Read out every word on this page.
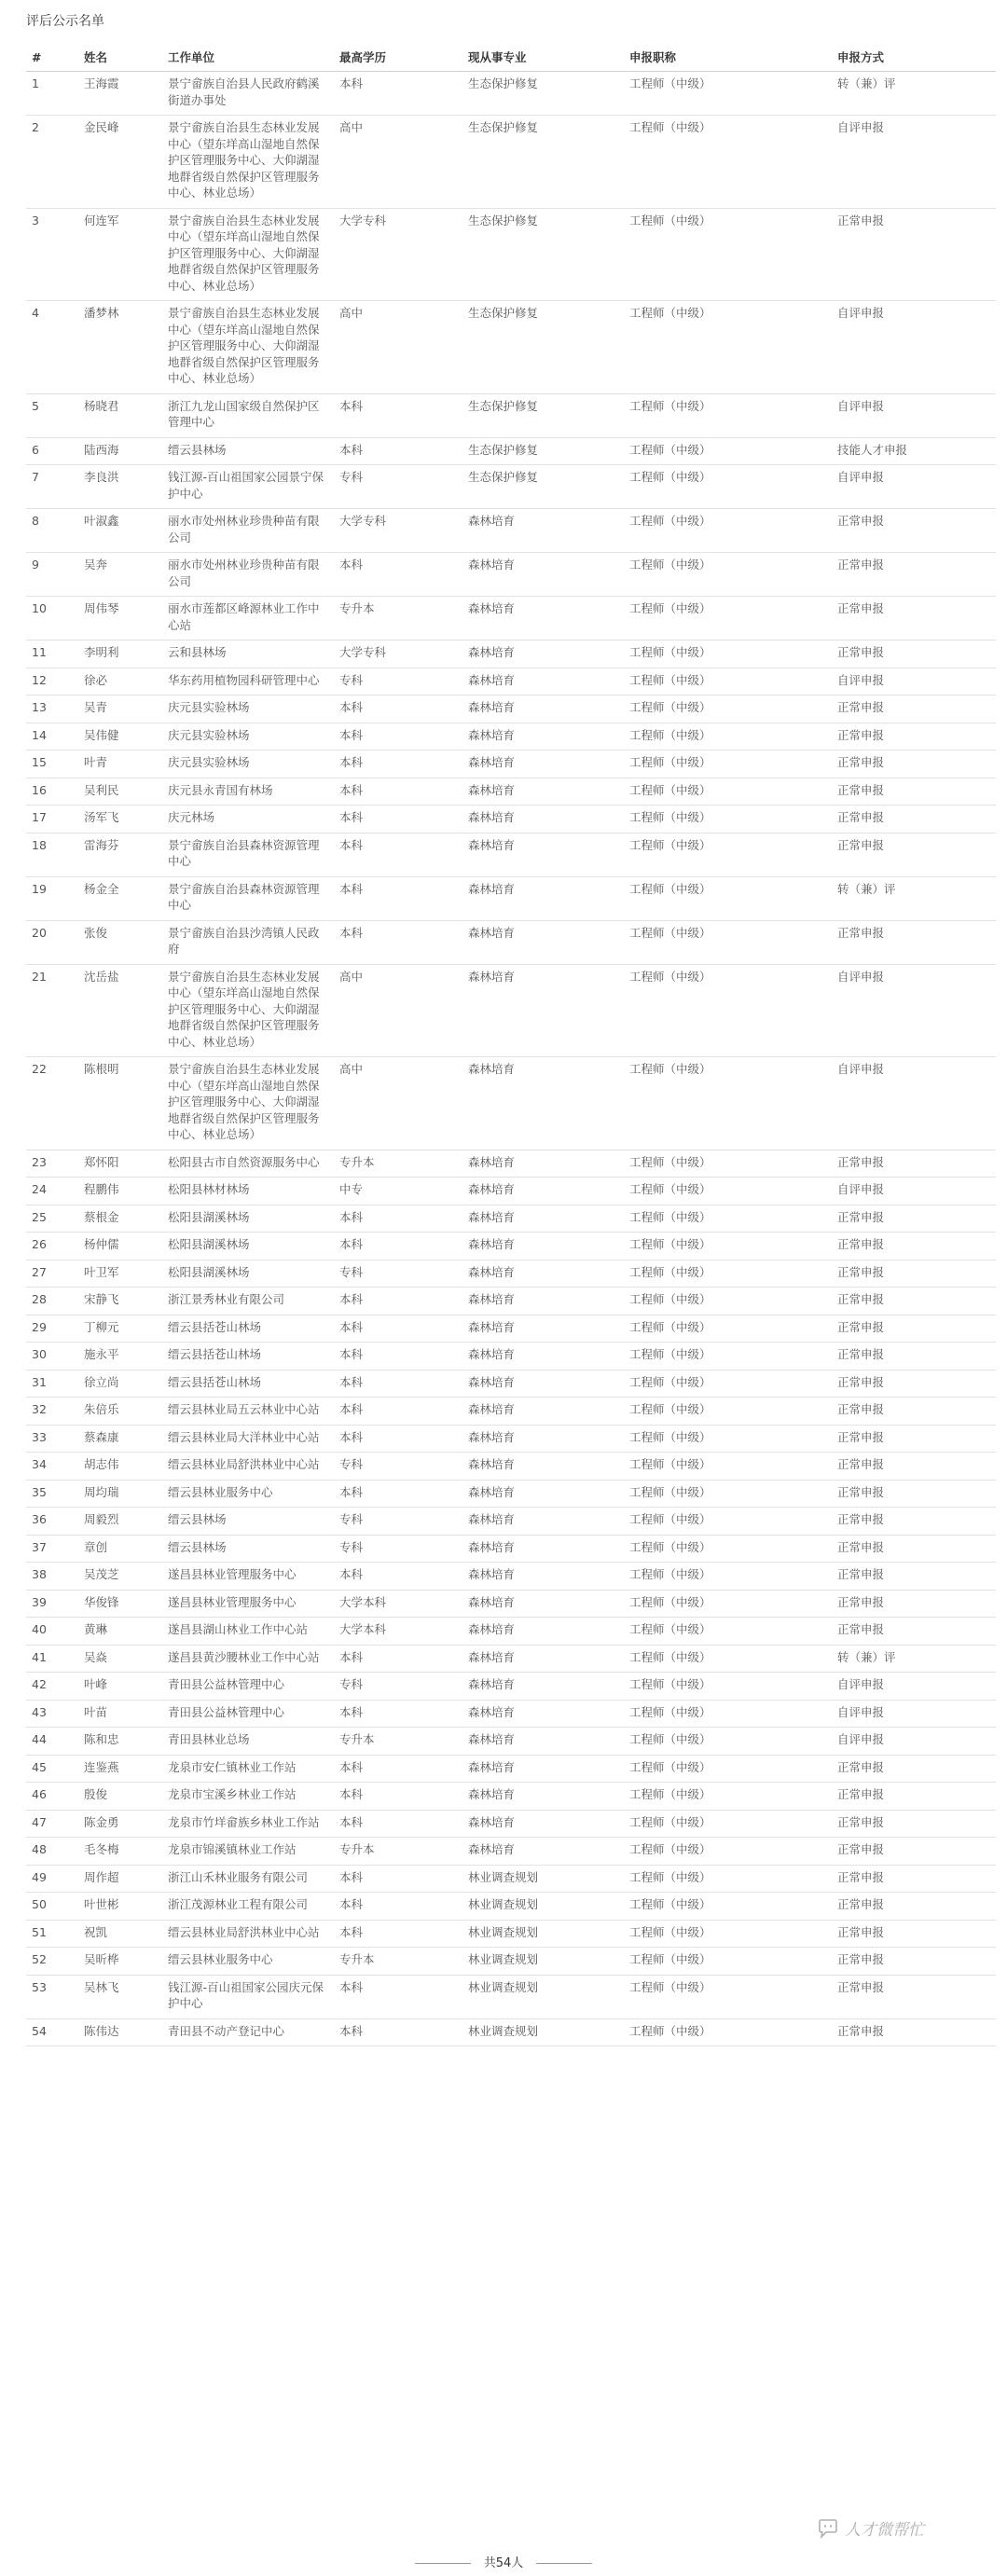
评后公示名单
#	姓名	工作单位	最高学历	现从事专业	申报职称	申报方式
1	王海霞	景宁畲族自治县人民政府鹤溪街道办事处	本科	生态保护修复	工程师（中级）	转（兼）评
2	金民峰	景宁畲族自治县生态林业发展中心（望东垟高山湿地自然保护区管理服务中心、大仰湖湿地群省级自然保护区管理服务中心、林业总场）	高中	生态保护修复	工程师（中级）	自评申报
3	何连军	景宁畲族自治县生态林业发展中心（望东垟高山湿地自然保护区管理服务中心、大仰湖湿地群省级自然保护区管理服务中心、林业总场）	大学专科	生态保护修复	工程师（中级）	正常申报
4	潘梦林	景宁畲族自治县生态林业发展中心（望东垟高山湿地自然保护区管理服务中心、大仰湖湿地群省级自然保护区管理服务中心、林业总场）	高中	生态保护修复	工程师（中级）	自评申报
5	杨晓君	浙江九龙山国家级自然保护区管理中心	本科	生态保护修复	工程师（中级）	自评申报
6	陆西海	缙云县林场	本科	生态保护修复	工程师（中级）	技能人才申报
7	李良洪	钱江源-百山祖国家公园景宁保护中心	专科	生态保护修复	工程师（中级）	自评申报
8	叶淑鑫	丽水市处州林业珍贵种苗有限公司	大学专科	森林培育	工程师（中级）	正常申报
9	吴奔	丽水市处州林业珍贵种苗有限公司	本科	森林培育	工程师（中级）	正常申报
10	周伟琴	丽水市莲都区峰源林业工作中心站	专升本	森林培育	工程师（中级）	正常申报
11	李明利	云和县林场	大学专科	森林培育	工程师（中级）	正常申报
12	徐必	华东药用植物园科研管理中心	专科	森林培育	工程师（中级）	自评申报
13	吴青	庆元县实验林场	本科	森林培育	工程师（中级）	正常申报
14	吴伟健	庆元县实验林场	本科	森林培育	工程师（中级）	正常申报
15	叶青	庆元县实验林场	本科	森林培育	工程师（中级）	正常申报
16	吴利民	庆元县永青国有林场	本科	森林培育	工程师（中级）	正常申报
17	汤军飞	庆元林场	本科	森林培育	工程师（中级）	正常申报
18	雷海芬	景宁畲族自治县森林资源管理中心	本科	森林培育	工程师（中级）	正常申报
19	杨金全	景宁畲族自治县森林资源管理中心	本科	森林培育	工程师（中级）	转（兼）评
20	张俊	景宁畲族自治县沙湾镇人民政府	本科	森林培育	工程师（中级）	正常申报
21	沈岳盐	景宁畲族自治县生态林业发展中心（望东垟高山湿地自然保护区管理服务中心、大仰湖湿地群省级自然保护区管理服务中心、林业总场）	高中	森林培育	工程师（中级）	自评申报
22	陈根明	景宁畲族自治县生态林业发展中心（望东垟高山湿地自然保护区管理服务中心、大仰湖湿地群省级自然保护区管理服务中心、林业总场）	高中	森林培育	工程师（中级）	自评申报
23	郑怀阳	松阳县古市自然资源服务中心	专升本	森林培育	工程师（中级）	正常申报
24	程鹏伟	松阳县林材林场	中专	森林培育	工程师（中级）	自评申报
25	蔡根金	松阳县湖溪林场	本科	森林培育	工程师（中级）	正常申报
26	杨仲儒	松阳县湖溪林场	本科	森林培育	工程师（中级）	正常申报
27	叶卫军	松阳县湖溪林场	专科	森林培育	工程师（中级）	正常申报
28	宋静飞	浙江景秀林业有限公司	本科	森林培育	工程师（中级）	正常申报
29	丁柳元	缙云县括苍山林场	本科	森林培育	工程师（中级）	正常申报
30	施永平	缙云县括苍山林场	本科	森林培育	工程师（中级）	正常申报
31	徐立尚	缙云县括苍山林场	本科	森林培育	工程师（中级）	正常申报
32	朱倍乐	缙云县林业局五云林业中心站	本科	森林培育	工程师（中级）	正常申报
33	蔡森康	缙云县林业局大洋林业中心站	本科	森林培育	工程师（中级）	正常申报
34	胡志伟	缙云县林业局舒洪林业中心站	专科	森林培育	工程师（中级）	正常申报
35	周均瑞	缙云县林业服务中心	本科	森林培育	工程师（中级）	正常申报
36	周毅烈	缙云县林场	专科	森林培育	工程师（中级）	正常申报
37	章创	缙云县林场	专科	森林培育	工程师（中级）	正常申报
38	吴茂芝	遂昌县林业管理服务中心	本科	森林培育	工程师（中级）	正常申报
39	华俊锋	遂昌县林业管理服务中心	大学本科	森林培育	工程师（中级）	正常申报
40	黄琳	遂昌县湖山林业工作中心站	大学本科	森林培育	工程师（中级）	正常申报
41	吴焱	遂昌县黄沙腰林业工作中心站	本科	森林培育	工程师（中级）	转（兼）评
42	叶峰	青田县公益林管理中心	专科	森林培育	工程师（中级）	自评申报
43	叶苗	青田县公益林管理中心	本科	森林培育	工程师（中级）	自评申报
44	陈和忠	青田县林业总场	专升本	森林培育	工程师（中级）	自评申报
45	连鉴燕	龙泉市安仁镇林业工作站	本科	森林培育	工程师（中级）	正常申报
46	殷俊	龙泉市宝溪乡林业工作站	本科	森林培育	工程师（中级）	正常申报
47	陈金勇	龙泉市竹垟畲族乡林业工作站	本科	森林培育	工程师（中级）	正常申报
48	毛冬梅	龙泉市锦溪镇林业工作站	专升本	森林培育	工程师（中级）	正常申报
49	周作超	浙江山禾林业服务有限公司	本科	林业调查规划	工程师（中级）	正常申报
50	叶世彬	浙江茂源林业工程有限公司	本科	林业调查规划	工程师（中级）	正常申报
51	祝凯	缙云县林业局舒洪林业中心站	本科	林业调查规划	工程师（中级）	正常申报
52	吴昕桦	缙云县林业服务中心	专升本	林业调查规划	工程师（中级）	正常申报
53	吴林飞	钱江源-百山祖国家公园庆元保护中心	本科	林业调查规划	工程师（中级）	正常申报
54	陈伟达	青田县不动产登记中心	本科	林业调查规划	工程师（中级）	正常申报
共54人
人才微帮忙
